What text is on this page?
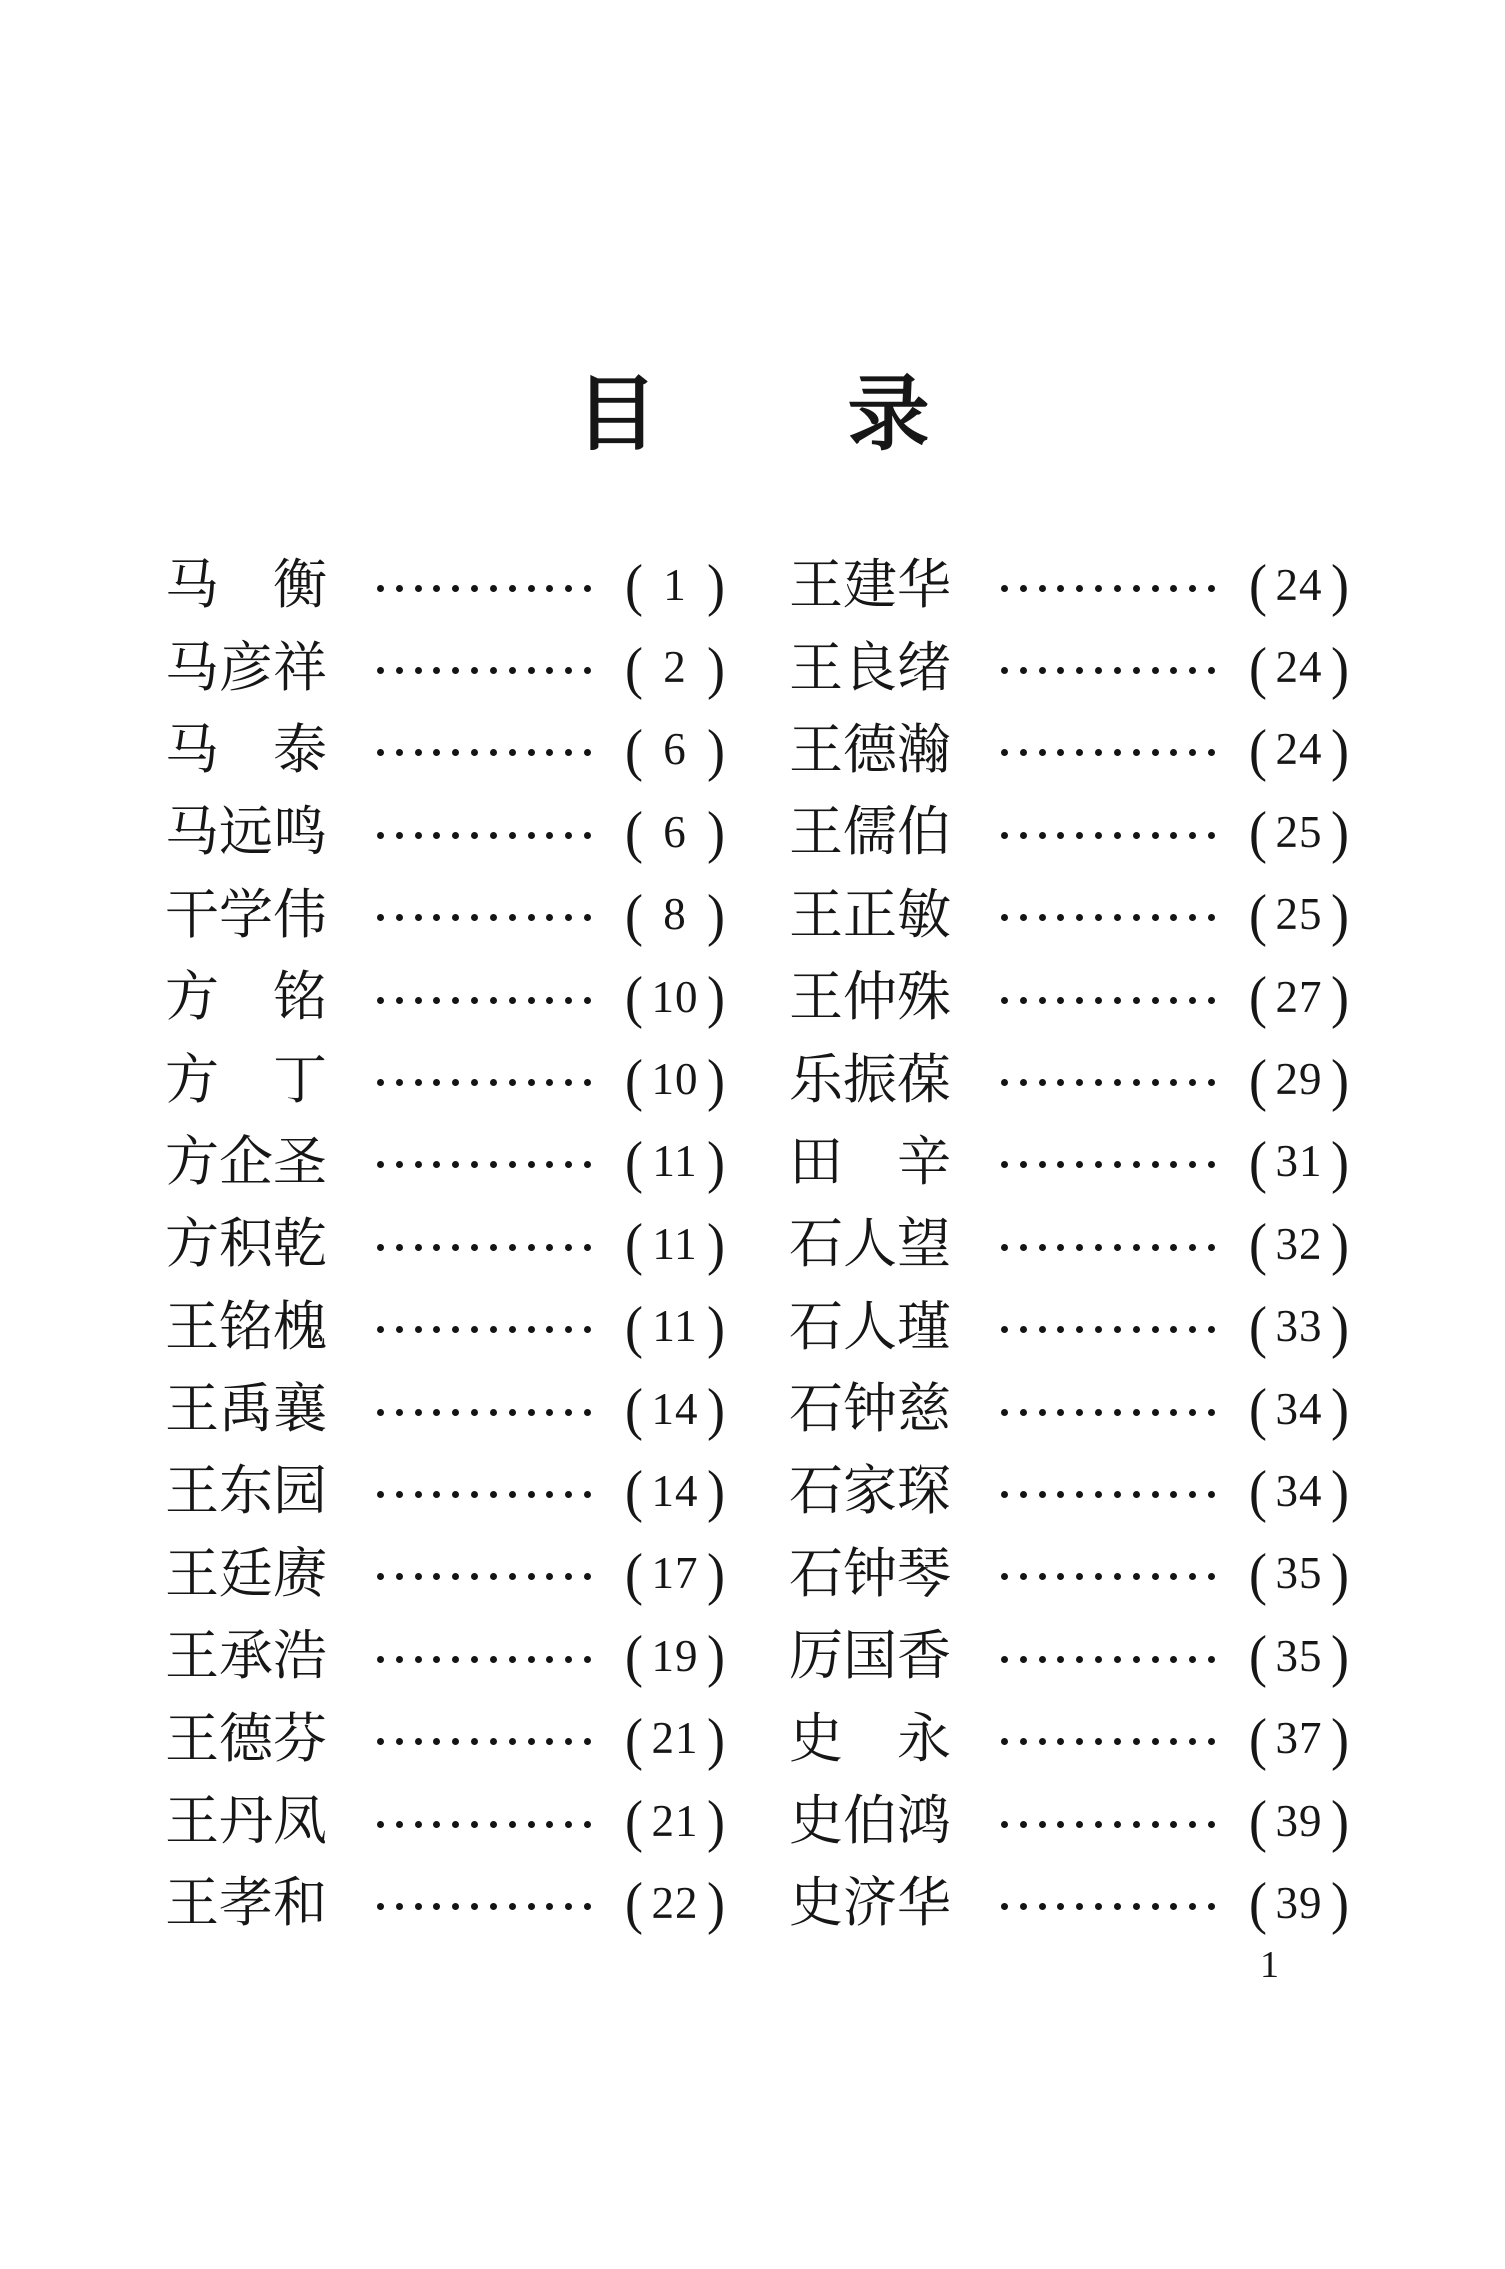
目 录
马 衡	( 1 )
马 彦 祥	( 2 )
马 泰	( 6 )
马 远 鸣	( 6 )
干 学 伟	( 8 )
方 铭	( 10 )
方 丁	( 10 )
方 企 圣	( 11 )
方 积 乾	( 11 )
王 铭 槐	( 11 )
王 禹 襄	( 14 )
王 东 园	( 14 )
王 廷 赓	( 17 )
王 承 浩	( 19 )
王 德 芬	( 21 )
王 丹 凤	( 21 )
王 孝 和	( 22 )
王 建 华	( 24 )
王 良 绪	( 24 )
王 德 瀚	( 24 )
王 儒 伯	( 25 )
王 正 敏	( 25 )
王 仲 殊	( 27 )
乐 振 葆	( 29 )
田 辛	( 31 )
石 人 望	( 32 )
石 人 瑾	( 33 )
石 钟 慈	( 34 )
石 家 琛	( 34 )
石 钟 琴	( 35 )
厉 国 香	( 35 )
史 永	( 37 )
史 伯 鸿	( 39 )
史 济 华	( 39 )
1
